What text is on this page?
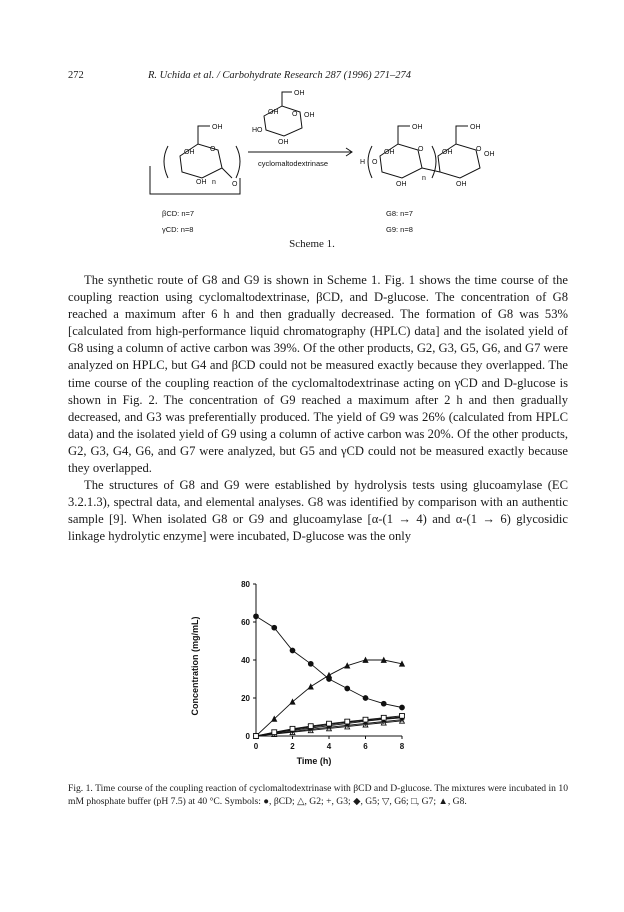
272	R. Uchida et al. / Carbohydrate Research 287 (1996) 271–274
OH
OH O
OH n O
OH
OH	OH
O
HO
OH
OH	OH
OH	OH	OH
H O
O	O
n
OH	OH
cyclomaltodextrinase
βCD: n=7
γCD: n=8
G8: n=7
G9: n=8
Scheme 1.

The synthetic route of G8 and G9 is shown in Scheme 1. Fig. 1 shows the time course of the coupling reaction using cyclomaltodextrinase, βCD, and D-glucose. The concentration of G8 reached a maximum after 6 h and then gradually decreased. The formation of G8 was 53% [calculated from high-performance liquid chromatography (HPLC) data] and the isolated yield of G8 using a column of active carbon was 39%. Of the other products, G2, G3, G5, G6, and G7 were analyzed on HPLC, but G4 and βCD could not be measured exactly because they overlapped. The time course of the coupling reaction of the cyclomaltodextrinase acting on γCD and D-glucose is shown in Fig. 2. The concentration of G9 reached a maximum after 2 h and then gradually decreased, and G3 was preferentially produced. The yield of G9 was 26% (calculated from HPLC data) and the isolated yield of G9 using a column of active carbon was 20%. Of the other products, G2, G3, G4, G6, and G7 were analyzed, but G5 and γCD could not be measured exactly because they overlapped.

The structures of G8 and G9 were established by hydrolysis tests using glucoamylase (EC 3.2.1.3), spectral data, and elemental analyses. G8 was identified by comparison with an authentic sample [9]. When isolated G8 or G9 and glucoamylase [α-(1 → 4) and α-(1 → 6) glycosidic linkage hydrolytic enzyme] were incubated, D-glucose was the only

0	2	4	6	8
0
20
40
60
80
Time (h)
Concentration (mg/mL)
Fig. 1. Time course of the coupling reaction of cyclomaltodextrinase with βCD and D-glucose. The mixtures were incubated in 10 mM phosphate buffer (pH 7.5) at 40 °C. Symbols: ●, βCD; △, G2; +, G3; ◆, G5; ▽, G6; □, G7; ▲, G8.
